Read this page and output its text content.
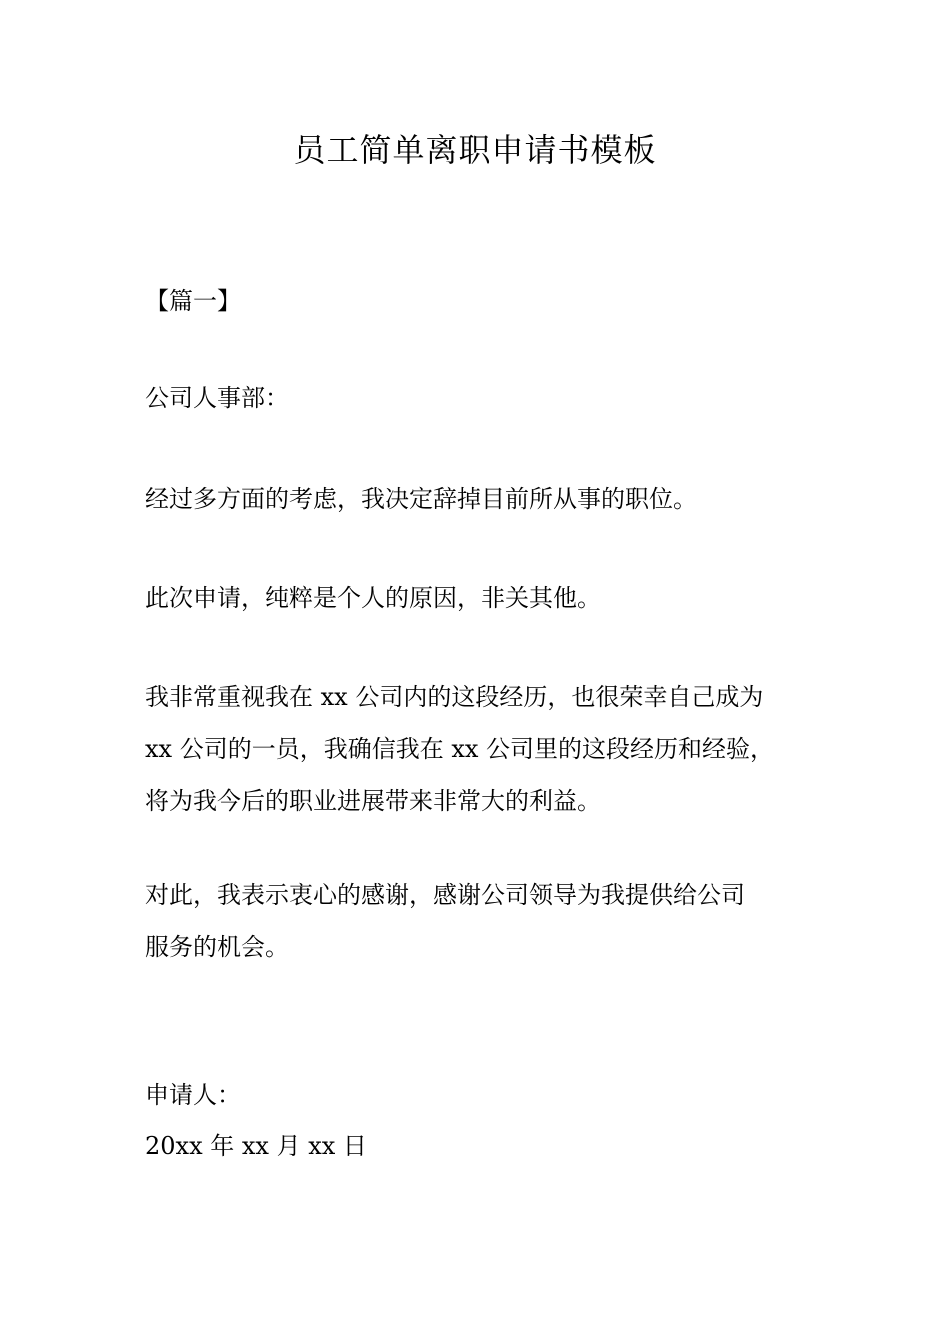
员工简单离职申请书模板

【篇一】

公司人事部：

经过多方面的考虑，我决定辞掉目前所从事的职位。

此次申请，纯粹是个人的原因，非关其他。

我非常重视我在 xx 公司内的这段经历，也很荣幸自己成为
xx 公司的一员，我确信我在 xx 公司里的这段经历和经验，
将为我今后的职业进展带来非常大的利益。

对此，我表示衷心的感谢，感谢公司领导为我提供给公司
服务的机会。

申请人：

20xx 年 xx 月 xx 日
